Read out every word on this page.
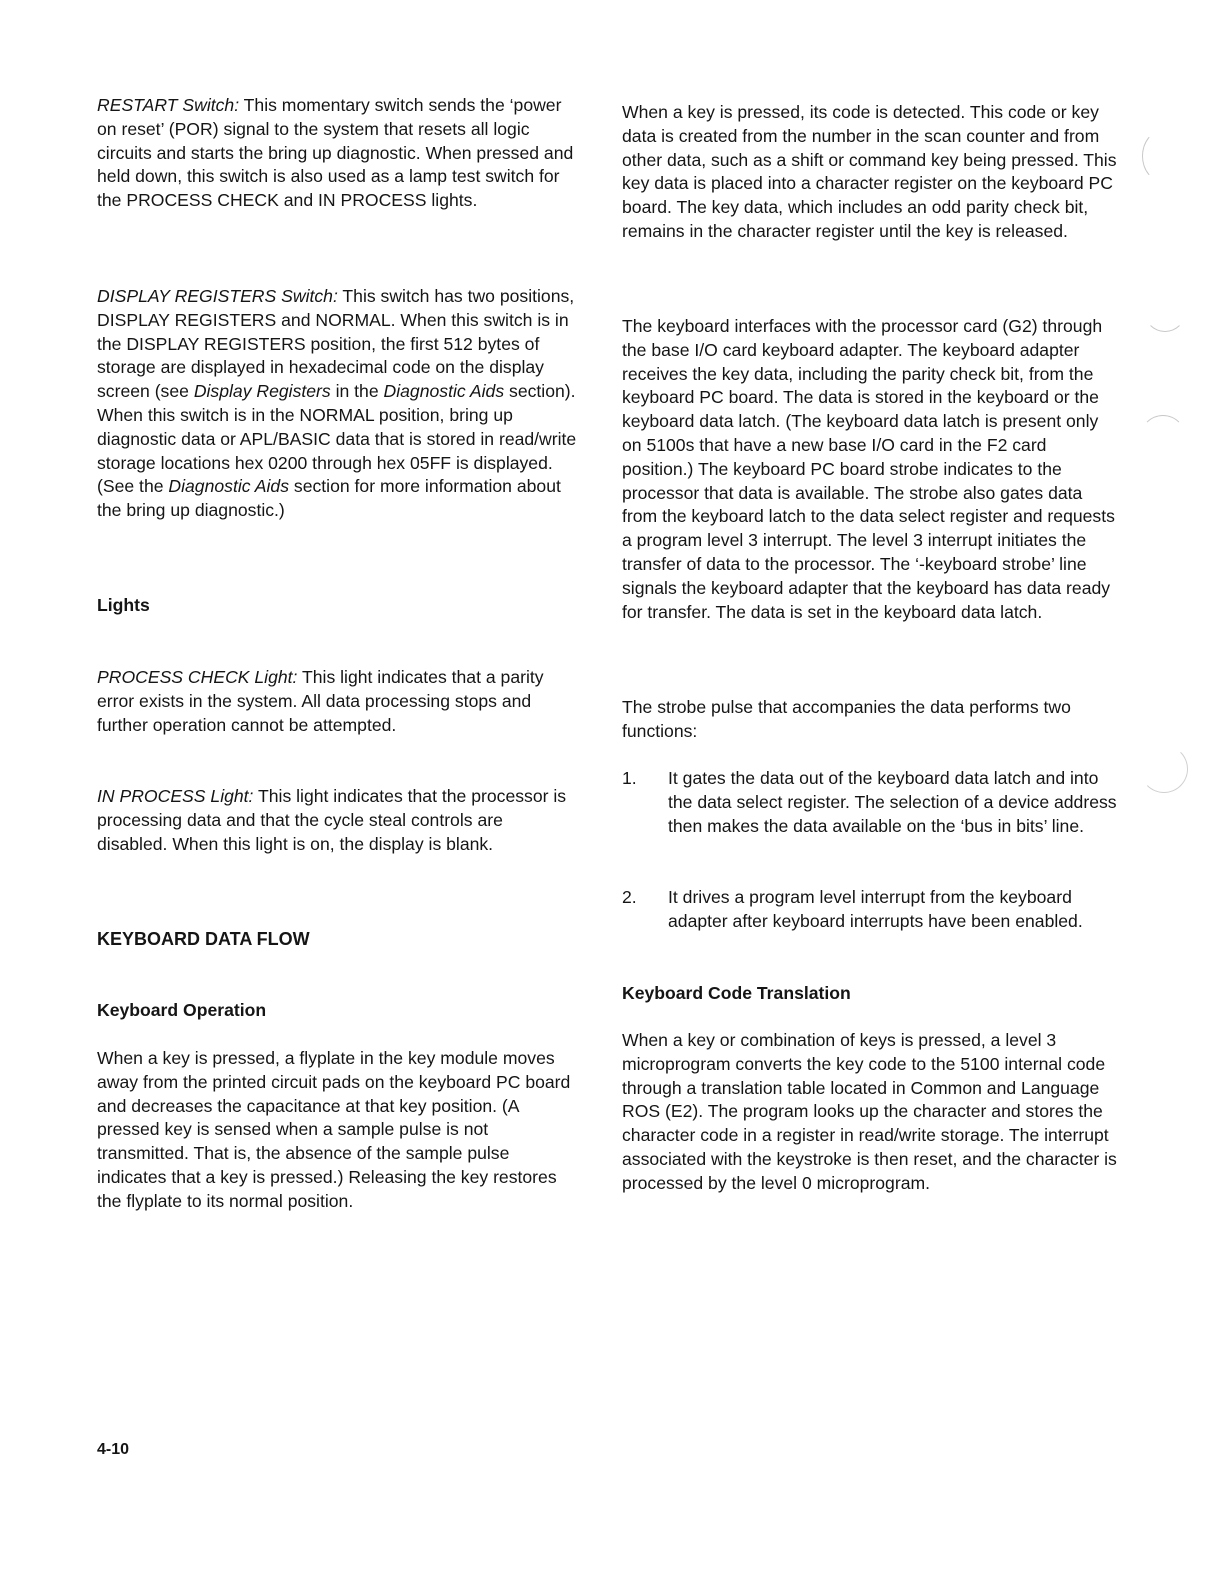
RESTART Switch: This momentary switch sends the ‘power on reset’ (POR) signal to the system that resets all logic circuits and starts the bring up diagnostic. When pressed and held down, this switch is also used as a lamp test switch for the PROCESS CHECK and IN PROCESS lights.

DISPLAY REGISTERS Switch: This switch has two positions, DISPLAY REGISTERS and NORMAL. When this switch is in the DISPLAY REGISTERS position, the first 512 bytes of storage are displayed in hexadecimal code on the display screen (see Display Registers in the Diagnostic Aids section). When this switch is in the NORMAL position, bring up diagnostic data or APL/BASIC data that is stored in read/write storage locations hex 0200 through hex 05FF is displayed. (See the Diagnostic Aids section for more information about the bring up diagnostic.)

Lights

PROCESS CHECK Light: This light indicates that a parity error exists in the system. All data processing stops and further operation cannot be attempted.

IN PROCESS Light: This light indicates that the processor is processing data and that the cycle steal controls are disabled. When this light is on, the display is blank.

KEYBOARD DATA FLOW
Keyboard Operation

When a key is pressed, a flyplate in the key module moves away from the printed circuit pads on the keyboard PC board and decreases the capacitance at that key position. (A pressed key is sensed when a sample pulse is not transmitted. That is, the absence of the sample pulse indicates that a key is pressed.) Releasing the key restores the flyplate to its normal position.

When a key is pressed, its code is detected. This code or key data is created from the number in the scan counter and from other data, such as a shift or command key being pressed. This key data is placed into a character register on the keyboard PC board. The key data, which includes an odd parity check bit, remains in the character register until the key is released.

The keyboard interfaces with the processor card (G2) through the base I/O card keyboard adapter. The keyboard adapter receives the key data, including the parity check bit, from the keyboard PC board. The data is stored in the keyboard or the keyboard data latch. (The keyboard data latch is present only on 5100s that have a new base I/O card in the F2 card position.) The keyboard PC board strobe indicates to the processor that data is available. The strobe also gates data from the keyboard latch to the data select register and requests a program level 3 interrupt. The level 3 interrupt initiates the transfer of data to the processor. The ‘-keyboard strobe’ line signals the keyboard adapter that the keyboard has data ready for transfer. The data is set in the keyboard data latch.

The strobe pulse that accompanies the data performs two functions:

1.	It gates the data out of the keyboard data latch and into the data select register. The selection of a device address then makes the data available on the ‘bus in bits’ line.
2.	It drives a program level interrupt from the keyboard adapter after keyboard interrupts have been enabled.
Keyboard Code Translation

When a key or combination of keys is pressed, a level 3 microprogram converts the key code to the 5100 internal code through a translation table located in Common and Language ROS (E2). The program looks up the character and stores the character code in a register in read/write storage. The interrupt associated with the keystroke is then reset, and the character is processed by the level 0 microprogram.

4-10
